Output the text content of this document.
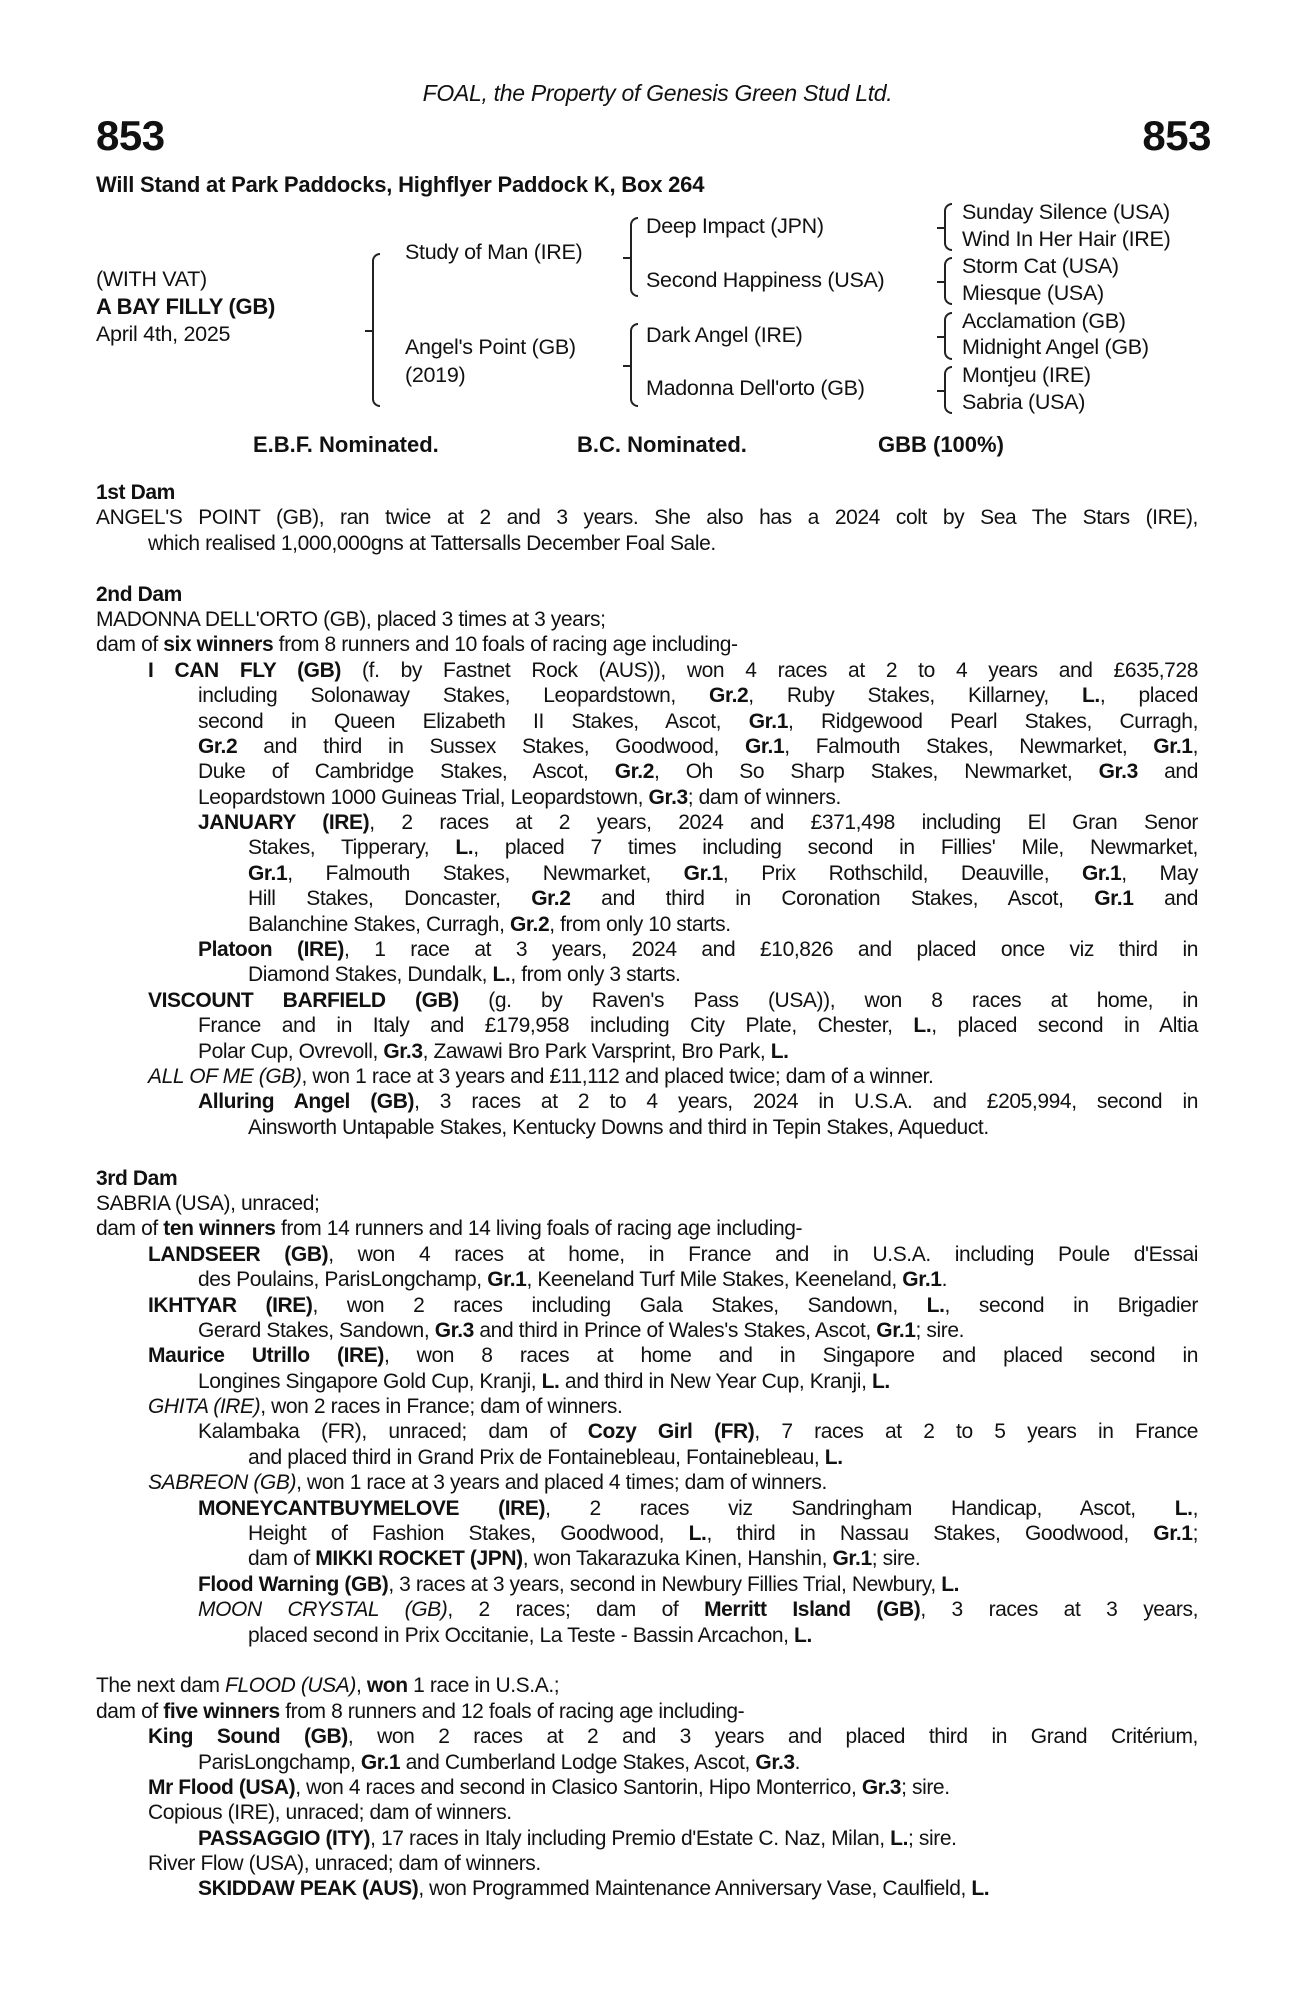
FOAL, the Property of Genesis Green Stud Ltd.
853	853
Will Stand at Park Paddocks, Highflyer Paddock K, Box 264
(WITH VAT)
A BAY FILLY (GB)
April 4th, 2025
Study of Man (IRE)
Angel's Point (GB)
(2019)
Deep Impact (JPN)
Second Happiness (USA)
Dark Angel (IRE)
Madonna Dell'orto (GB)
Sunday Silence (USA)
Wind In Her Hair (IRE)
Storm Cat (USA)
Miesque (USA)
Acclamation (GB)
Midnight Angel (GB)
Montjeu (IRE)
Sabria (USA)
E.B.F. Nominated.	B.C. Nominated.	GBB (100%)
1st Dam
ANGEL'S POINT (GB), ran twice at 2 and 3 years. She also has a 2024 colt by Sea The Stars (IRE),
which realised 1,000,000gns at Tattersalls December Foal Sale.
2nd Dam
MADONNA DELL'ORTO (GB), placed 3 times at 3 years;
dam of six winners from 8 runners and 10 foals of racing age including-
I CAN FLY (GB) (f. by Fastnet Rock (AUS)), won 4 races at 2 to 4 years and £635,728
including Solonaway Stakes, Leopardstown, Gr.2, Ruby Stakes, Killarney, L., placed
second in Queen Elizabeth II Stakes, Ascot, Gr.1, Ridgewood Pearl Stakes, Curragh,
Gr.2 and third in Sussex Stakes, Goodwood, Gr.1, Falmouth Stakes, Newmarket, Gr.1,
Duke of Cambridge Stakes, Ascot, Gr.2, Oh So Sharp Stakes, Newmarket, Gr.3 and
Leopardstown 1000 Guineas Trial, Leopardstown, Gr.3; dam of winners.
JANUARY (IRE), 2 races at 2 years, 2024 and £371,498 including El Gran Senor
Stakes, Tipperary, L., placed 7 times including second in Fillies' Mile, Newmarket,
Gr.1, Falmouth Stakes, Newmarket, Gr.1, Prix Rothschild, Deauville, Gr.1, May
Hill Stakes, Doncaster, Gr.2 and third in Coronation Stakes, Ascot, Gr.1 and
Balanchine Stakes, Curragh, Gr.2, from only 10 starts.
Platoon (IRE), 1 race at 3 years, 2024 and £10,826 and placed once viz third in
Diamond Stakes, Dundalk, L., from only 3 starts.
VISCOUNT BARFIELD (GB) (g. by Raven's Pass (USA)), won 8 races at home, in
France and in Italy and £179,958 including City Plate, Chester, L., placed second in Altia
Polar Cup, Ovrevoll, Gr.3, Zawawi Bro Park Varsprint, Bro Park, L.
ALL OF ME (GB), won 1 race at 3 years and £11,112 and placed twice; dam of a winner.
Alluring Angel (GB), 3 races at 2 to 4 years, 2024 in U.S.A. and £205,994, second in
Ainsworth Untapable Stakes, Kentucky Downs and third in Tepin Stakes, Aqueduct.
3rd Dam
SABRIA (USA), unraced;
dam of ten winners from 14 runners and 14 living foals of racing age including-
LANDSEER (GB), won 4 races at home, in France and in U.S.A. including Poule d'Essai
des Poulains, ParisLongchamp, Gr.1, Keeneland Turf Mile Stakes, Keeneland, Gr.1.
IKHTYAR (IRE), won 2 races including Gala Stakes, Sandown, L., second in Brigadier
Gerard Stakes, Sandown, Gr.3 and third in Prince of Wales's Stakes, Ascot, Gr.1; sire.
Maurice Utrillo (IRE), won 8 races at home and in Singapore and placed second in
Longines Singapore Gold Cup, Kranji, L. and third in New Year Cup, Kranji, L.
GHITA (IRE), won 2 races in France; dam of winners.
Kalambaka (FR), unraced; dam of Cozy Girl (FR), 7 races at 2 to 5 years in France
and placed third in Grand Prix de Fontainebleau, Fontainebleau, L.
SABREON (GB), won 1 race at 3 years and placed 4 times; dam of winners.
MONEYCANTBUYMELOVE (IRE), 2 races viz Sandringham Handicap, Ascot, L.,
Height of Fashion Stakes, Goodwood, L., third in Nassau Stakes, Goodwood, Gr.1;
dam of MIKKI ROCKET (JPN), won Takarazuka Kinen, Hanshin, Gr.1; sire.
Flood Warning (GB), 3 races at 3 years, second in Newbury Fillies Trial, Newbury, L.
MOON CRYSTAL (GB), 2 races; dam of Merritt Island (GB), 3 races at 3 years,
placed second in Prix Occitanie, La Teste - Bassin Arcachon, L.
The next dam FLOOD (USA), won 1 race in U.S.A.;
dam of five winners from 8 runners and 12 foals of racing age including-
King Sound (GB), won 2 races at 2 and 3 years and placed third in Grand Critérium,
ParisLongchamp, Gr.1 and Cumberland Lodge Stakes, Ascot, Gr.3.
Mr Flood (USA), won 4 races and second in Clasico Santorin, Hipo Monterrico, Gr.3; sire.
Copious (IRE), unraced; dam of winners.
PASSAGGIO (ITY), 17 races in Italy including Premio d'Estate C. Naz, Milan, L.; sire.
River Flow (USA), unraced; dam of winners.
SKIDDAW PEAK (AUS), won Programmed Maintenance Anniversary Vase, Caulfield, L.
